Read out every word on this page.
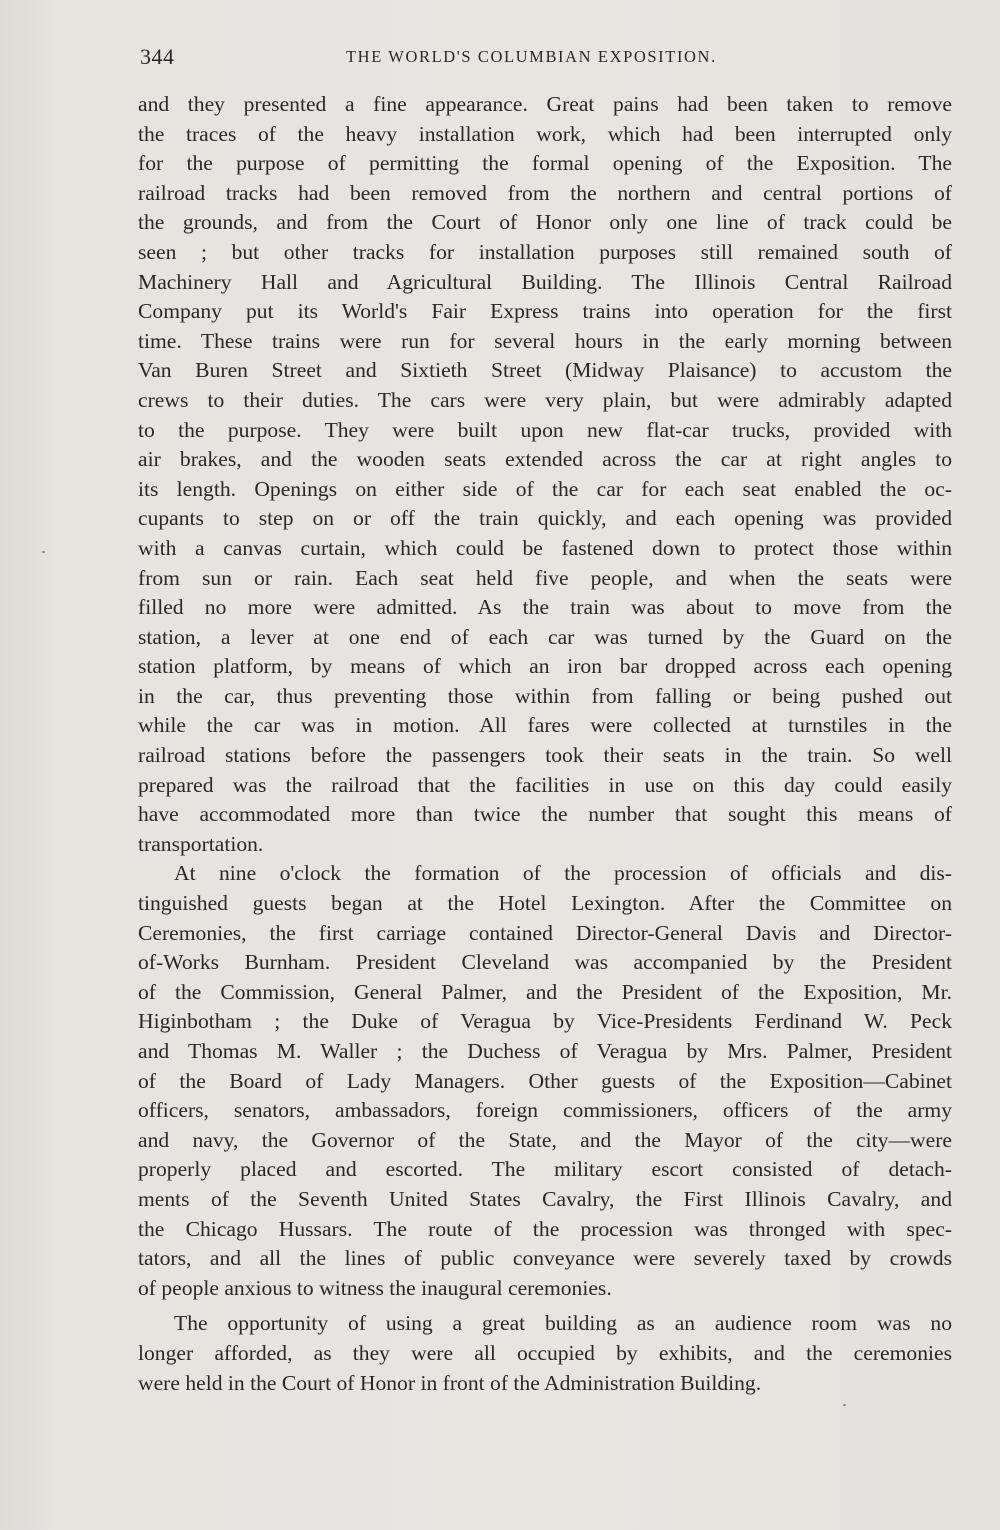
344	THE WORLD'S COLUMBIAN EXPOSITION.
and they presented a fine appearance. Great pains had been taken to remove
the traces of the heavy installation work, which had been interrupted only
for the purpose of permitting the formal opening of the Exposition. The
railroad tracks had been removed from the northern and central portions of
the grounds, and from the Court of Honor only one line of track could be
seen ; but other tracks for installation purposes still remained south of
Machinery Hall and Agricultural Building. The Illinois Central Railroad
Company put its World's Fair Express trains into operation for the first
time. These trains were run for several hours in the early morning between
Van Buren Street and Sixtieth Street (Midway Plaisance) to accustom the
crews to their duties. The cars were very plain, but were admirably adapted
to the purpose. They were built upon new flat-car trucks, provided with
air brakes, and the wooden seats extended across the car at right angles to
its length. Openings on either side of the car for each seat enabled the oc-
cupants to step on or off the train quickly, and each opening was provided
with a canvas curtain, which could be fastened down to protect those within
from sun or rain. Each seat held five people, and when the seats were
filled no more were admitted. As the train was about to move from the
station, a lever at one end of each car was turned by the Guard on the
station platform, by means of which an iron bar dropped across each opening
in the car, thus preventing those within from falling or being pushed out
while the car was in motion. All fares were collected at turnstiles in the
railroad stations before the passengers took their seats in the train. So well
prepared was the railroad that the facilities in use on this day could easily
have accommodated more than twice the number that sought this means of
transportation.
At nine o'clock the formation of the procession of officials and dis-
tinguished guests began at the Hotel Lexington. After the Committee on
Ceremonies, the first carriage contained Director-General Davis and Director-
of-Works Burnham. President Cleveland was accompanied by the President
of the Commission, General Palmer, and the President of the Exposition, Mr.
Higinbotham ; the Duke of Veragua by Vice-Presidents Ferdinand W. Peck
and Thomas M. Waller ; the Duchess of Veragua by Mrs. Palmer, President
of the Board of Lady Managers. Other guests of the Exposition—Cabinet
officers, senators, ambassadors, foreign commissioners, officers of the army
and navy, the Governor of the State, and the Mayor of the city—were
properly placed and escorted. The military escort consisted of detach-
ments of the Seventh United States Cavalry, the First Illinois Cavalry, and
the Chicago Hussars. The route of the procession was thronged with spec-
tators, and all the lines of public conveyance were severely taxed by crowds
of people anxious to witness the inaugural ceremonies.
The opportunity of using a great building as an audience room was no
longer afforded, as they were all occupied by exhibits, and the ceremonies
were held in the Court of Honor in front of the Administration Building.
